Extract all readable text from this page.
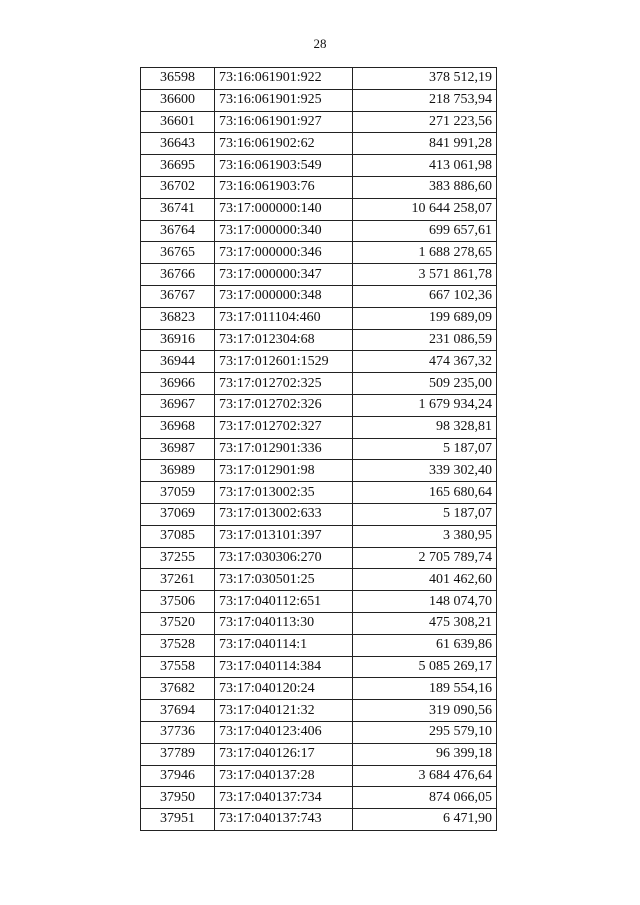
28
36598	73:16:061901:922	378 512,19
36600	73:16:061901:925	218 753,94
36601	73:16:061901:927	271 223,56
36643	73:16:061902:62	841 991,28
36695	73:16:061903:549	413 061,98
36702	73:16:061903:76	383 886,60
36741	73:17:000000:140	10 644 258,07
36764	73:17:000000:340	699 657,61
36765	73:17:000000:346	1 688 278,65
36766	73:17:000000:347	3 571 861,78
36767	73:17:000000:348	667 102,36
36823	73:17:011104:460	199 689,09
36916	73:17:012304:68	231 086,59
36944	73:17:012601:1529	474 367,32
36966	73:17:012702:325	509 235,00
36967	73:17:012702:326	1 679 934,24
36968	73:17:012702:327	98 328,81
36987	73:17:012901:336	5 187,07
36989	73:17:012901:98	339 302,40
37059	73:17:013002:35	165 680,64
37069	73:17:013002:633	5 187,07
37085	73:17:013101:397	3 380,95
37255	73:17:030306:270	2 705 789,74
37261	73:17:030501:25	401 462,60
37506	73:17:040112:651	148 074,70
37520	73:17:040113:30	475 308,21
37528	73:17:040114:1	61 639,86
37558	73:17:040114:384	5 085 269,17
37682	73:17:040120:24	189 554,16
37694	73:17:040121:32	319 090,56
37736	73:17:040123:406	295 579,10
37789	73:17:040126:17	96 399,18
37946	73:17:040137:28	3 684 476,64
37950	73:17:040137:734	874 066,05
37951	73:17:040137:743	6 471,90
